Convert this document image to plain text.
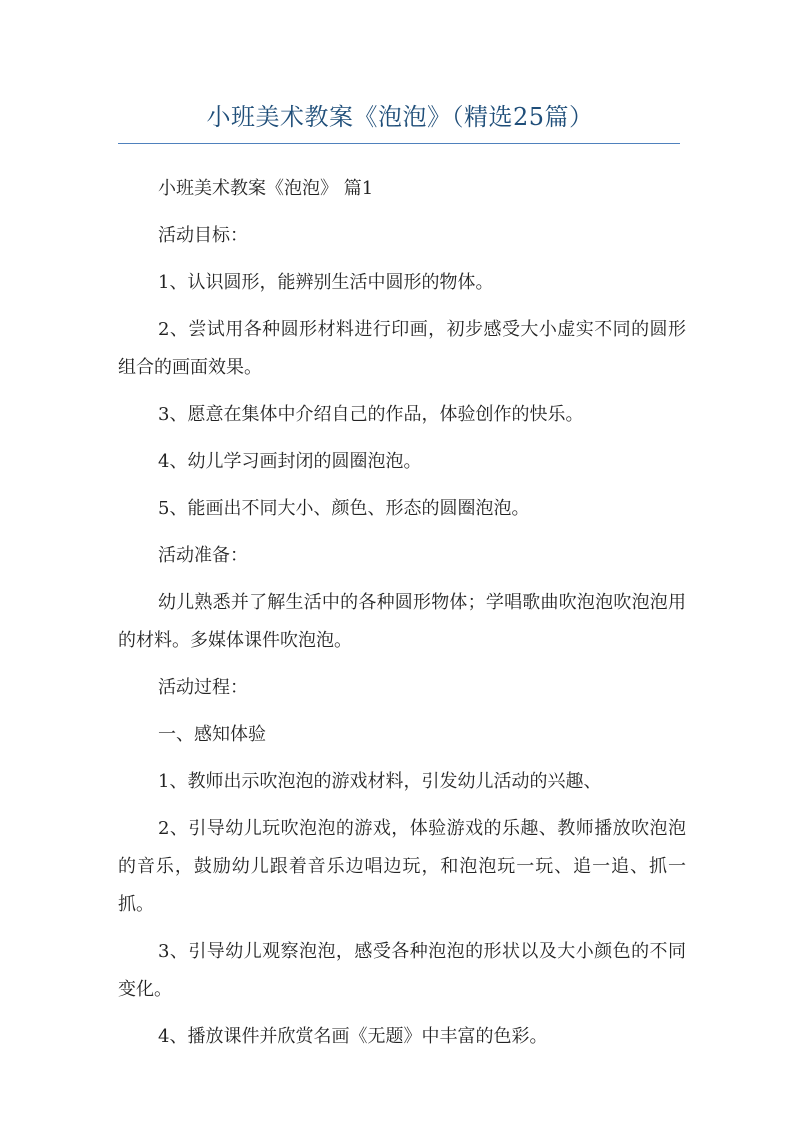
小班美术教案《泡泡》（精选25篇）

小班美术教案《泡泡》 篇1

活动目标：

1、认识圆形，能辨别生活中圆形的物体。

2、尝试用各种圆形材料进行印画，初步感受大小虚实不同的圆形组合的画面效果。

3、愿意在集体中介绍自己的作品，体验创作的快乐。

4、幼儿学习画封闭的圆圈泡泡。

5、能画出不同大小、颜色、形态的圆圈泡泡。

活动准备：

幼儿熟悉并了解生活中的各种圆形物体；学唱歌曲吹泡泡吹泡泡用的材料。多媒体课件吹泡泡。

活动过程：

一、感知体验

1、教师出示吹泡泡的游戏材料，引发幼儿活动的兴趣、

2、引导幼儿玩吹泡泡的游戏，体验游戏的乐趣、教师播放吹泡泡的音乐，鼓励幼儿跟着音乐边唱边玩，和泡泡玩一玩、追一追、抓一抓。

3、引导幼儿观察泡泡，感受各种泡泡的形状以及大小颜色的不同变化。

4、播放课件并欣赏名画《无题》中丰富的色彩。
